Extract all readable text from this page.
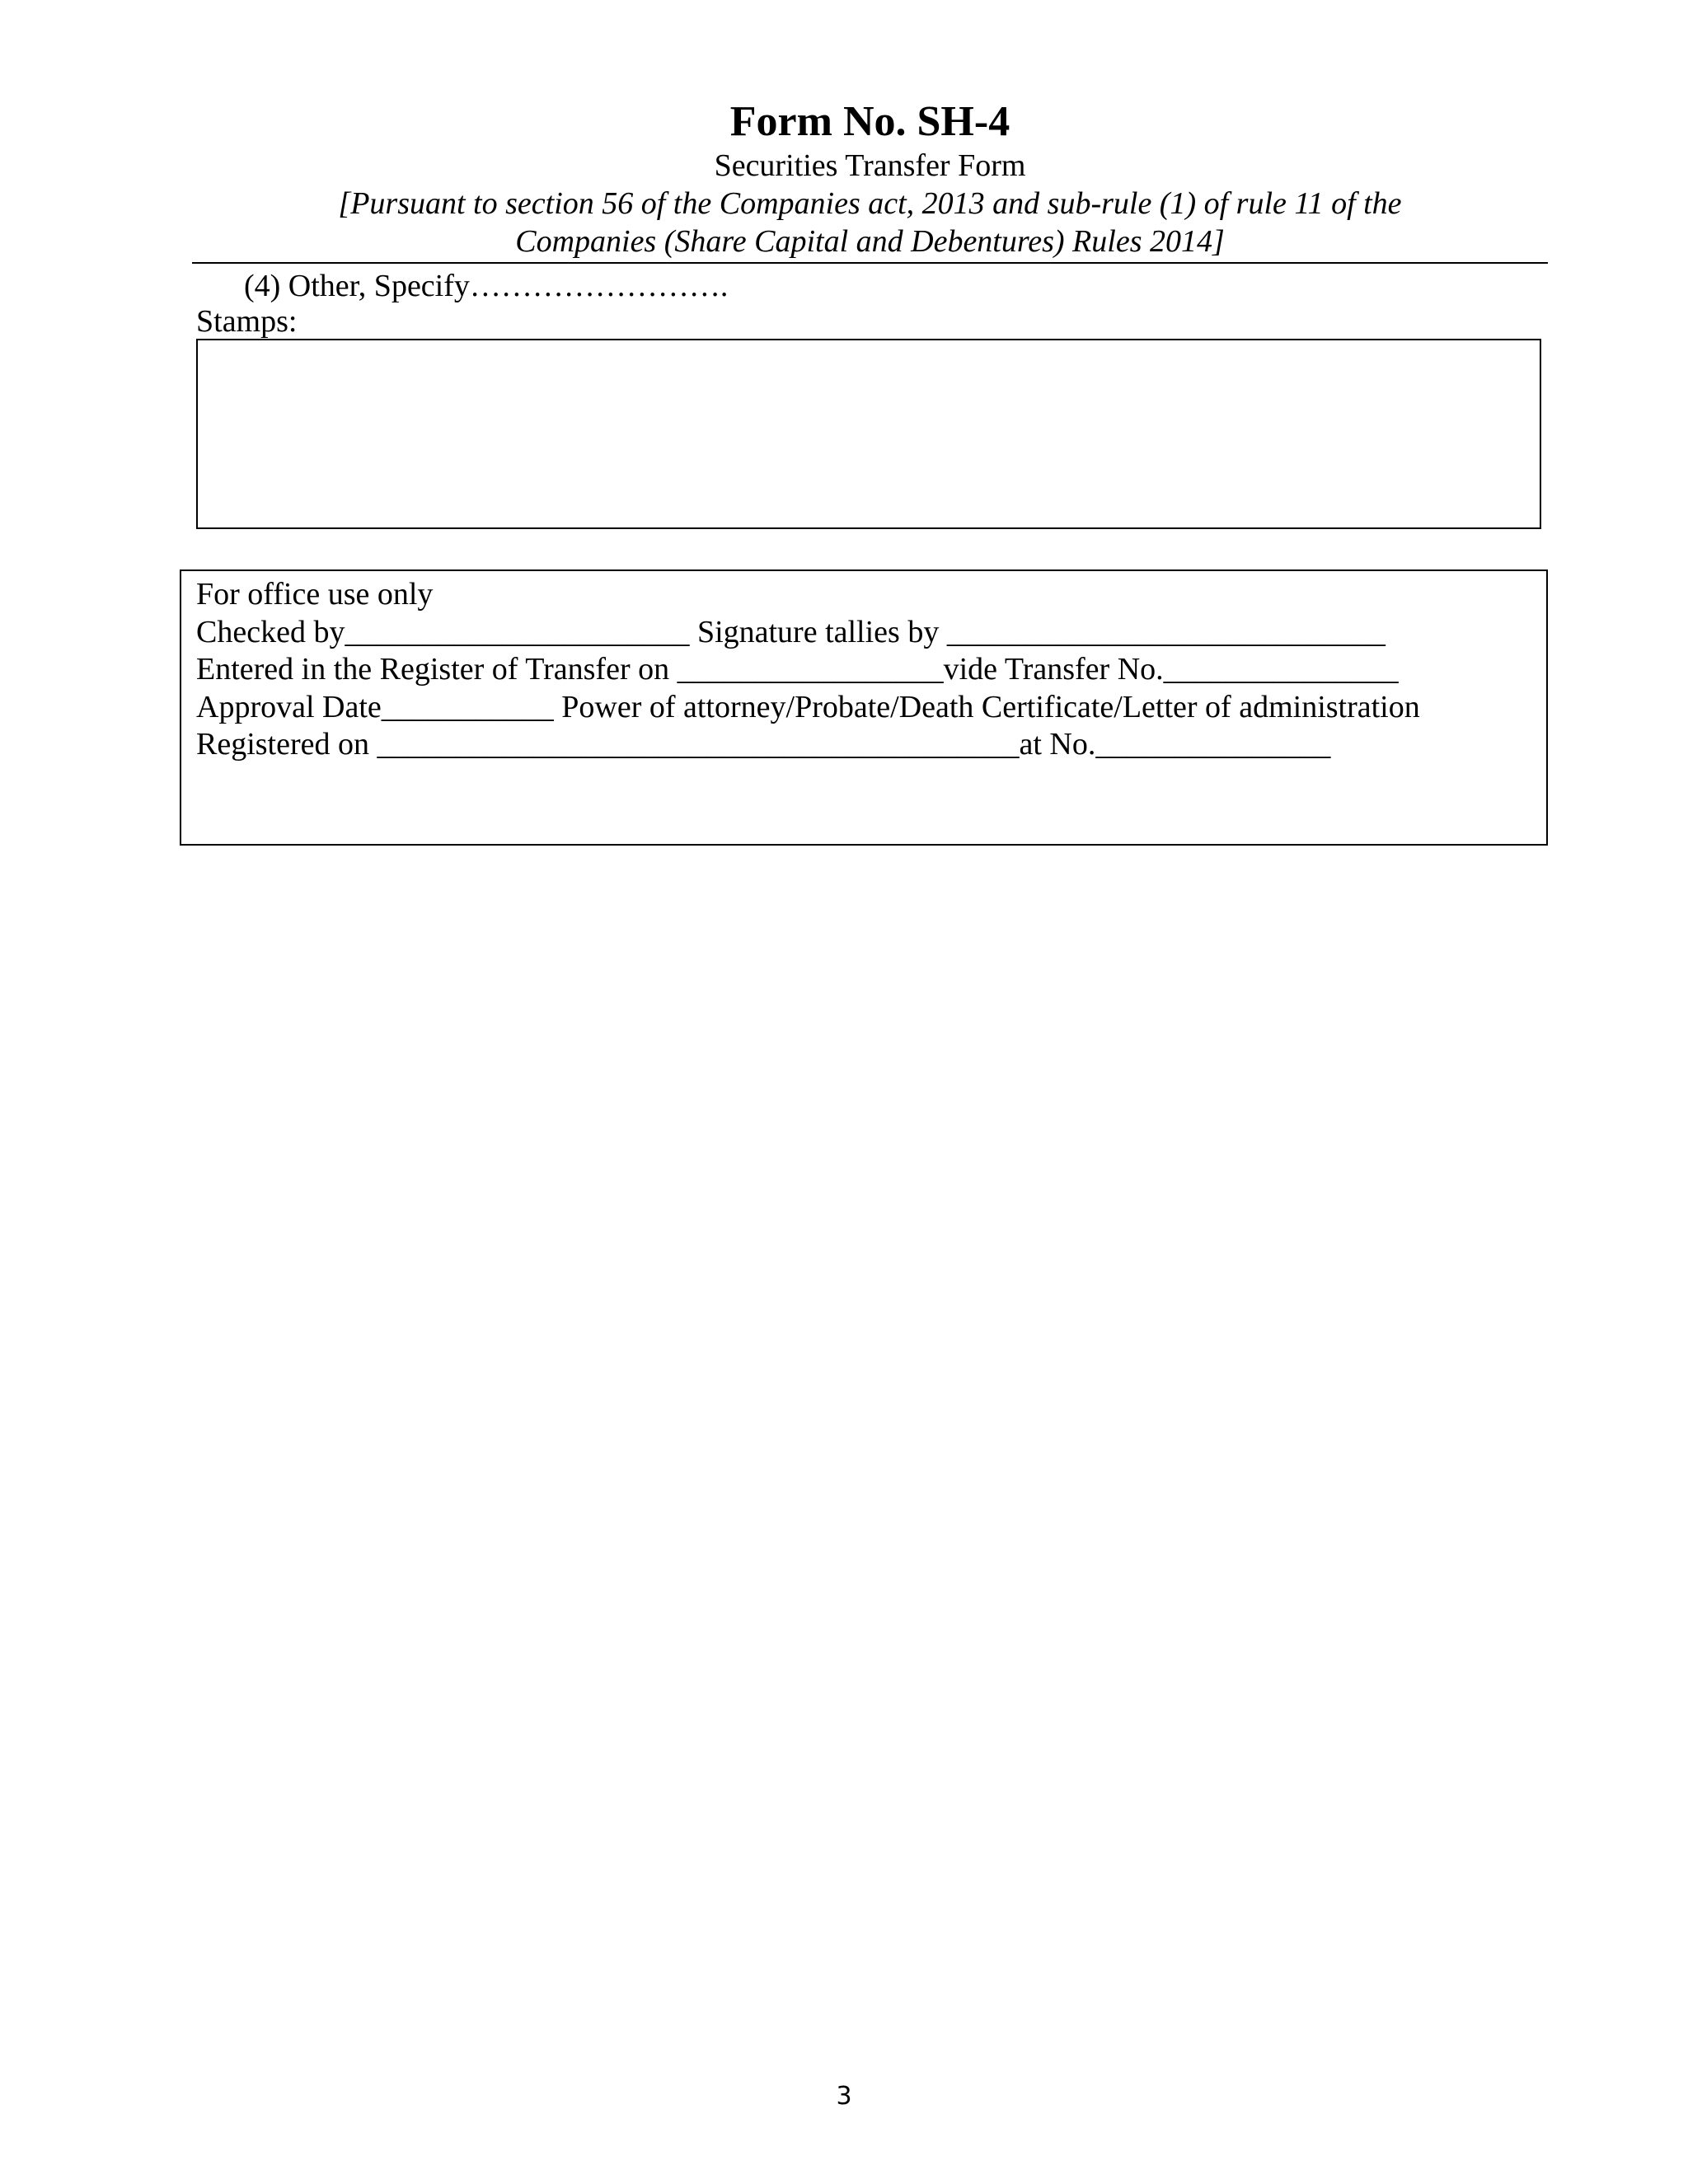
Form No. SH-4

Securities Transfer Form

[Pursuant to section 56 of the Companies act, 2013 and sub-rule (1) of rule 11 of the

Companies (Share Capital and Debentures) Rules 2014]

(4) Other, Specify…………………….
Stamps:
For office use only
Checked by______________________ Signature tallies by ____________________________
Entered in the Register of Transfer on _________________vide Transfer No._______________
Approval Date___________ Power of attorney/Probate/Death Certificate/Letter of administration
Registered on _________________________________________at No._______________
3
